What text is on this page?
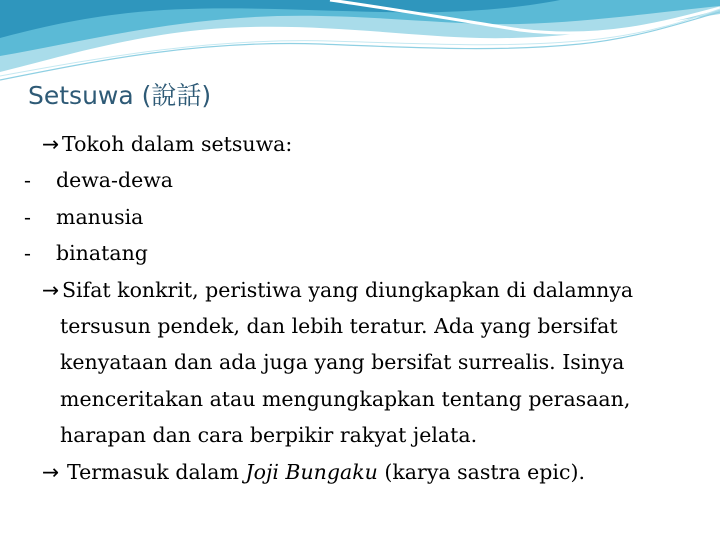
Setsuwa (說話)
→ Tokoh dalam setsuwa:
- dewa-dewa
- manusia
- binatang
→ Sifat konkrit, peristiwa yang diungkapkan di dalamnya tersusun pendek, dan lebih teratur. Ada yang bersifat kenyataan dan ada juga yang bersifat surrealis. Isinya menceritakan atau mengungkapkan tentang perasaan, harapan dan cara berpikir rakyat jelata.
→ Termasuk dalam Joji Bungaku (karya sastra epic).
